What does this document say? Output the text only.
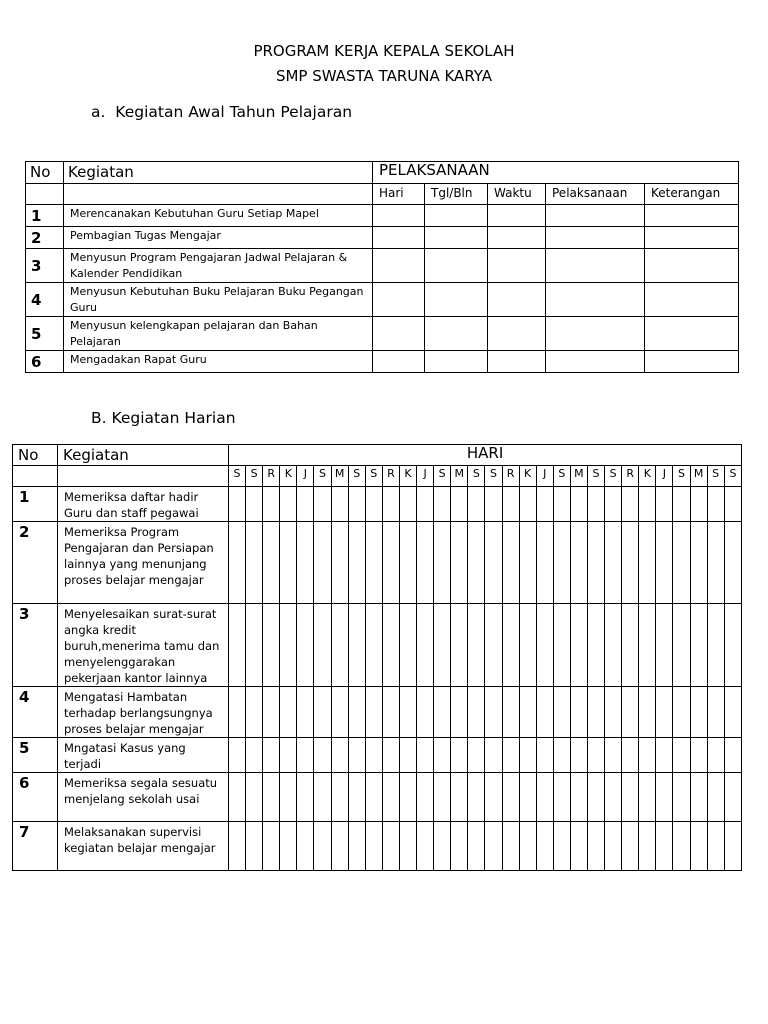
PROGRAM KERJA KEPALA SEKOLAH
SMP SWASTA TARUNA KARYA
a. Kegiatan Awal Tahun Pelajaran
No	Kegiatan	PELAKSANAAN				
		Hari	Tgl/Bln	Waktu	Pelaksanaan	Keterangan
1	Merencanakan Kebutuhan Guru Setiap Mapel					
2	Pembagian Tugas Mengajar					
3	Menyusun Program Pengajaran Jadwal Pelajaran & Kalender Pendidikan					
4	Menyusun Kebutuhan Buku Pelajaran Buku Pegangan Guru					
5	Menyusun kelengkapan pelajaran dan Bahan Pelajaran					
6	Mengadakan Rapat Guru					
B. Kegiatan Harian
No	Kegiatan	HARI																													
		S	S	R	K	J	S	M	S	S	R	K	J	S	M	S	S	R	K	J	S	M	S	S	R	K	J	S	M	S	S
1	Memeriksa daftar hadir Guru dan staff pegawai																														
2	Memeriksa Program Pengajaran dan Persiapan lainnya yang menunjang proses belajar mengajar																														
3	Menyelesaikan surat-surat angka kredit buruh,menerima tamu dan menyelenggarakan pekerjaan kantor lainnya																														
4	Mengatasi Hambatan terhadap berlangsungnya proses belajar mengajar																														
5	Mngatasi Kasus yang terjadi																														
6	Memeriksa segala sesuatu menjelang sekolah usai																														
7	Melaksanakan supervisi kegiatan belajar mengajar																														
